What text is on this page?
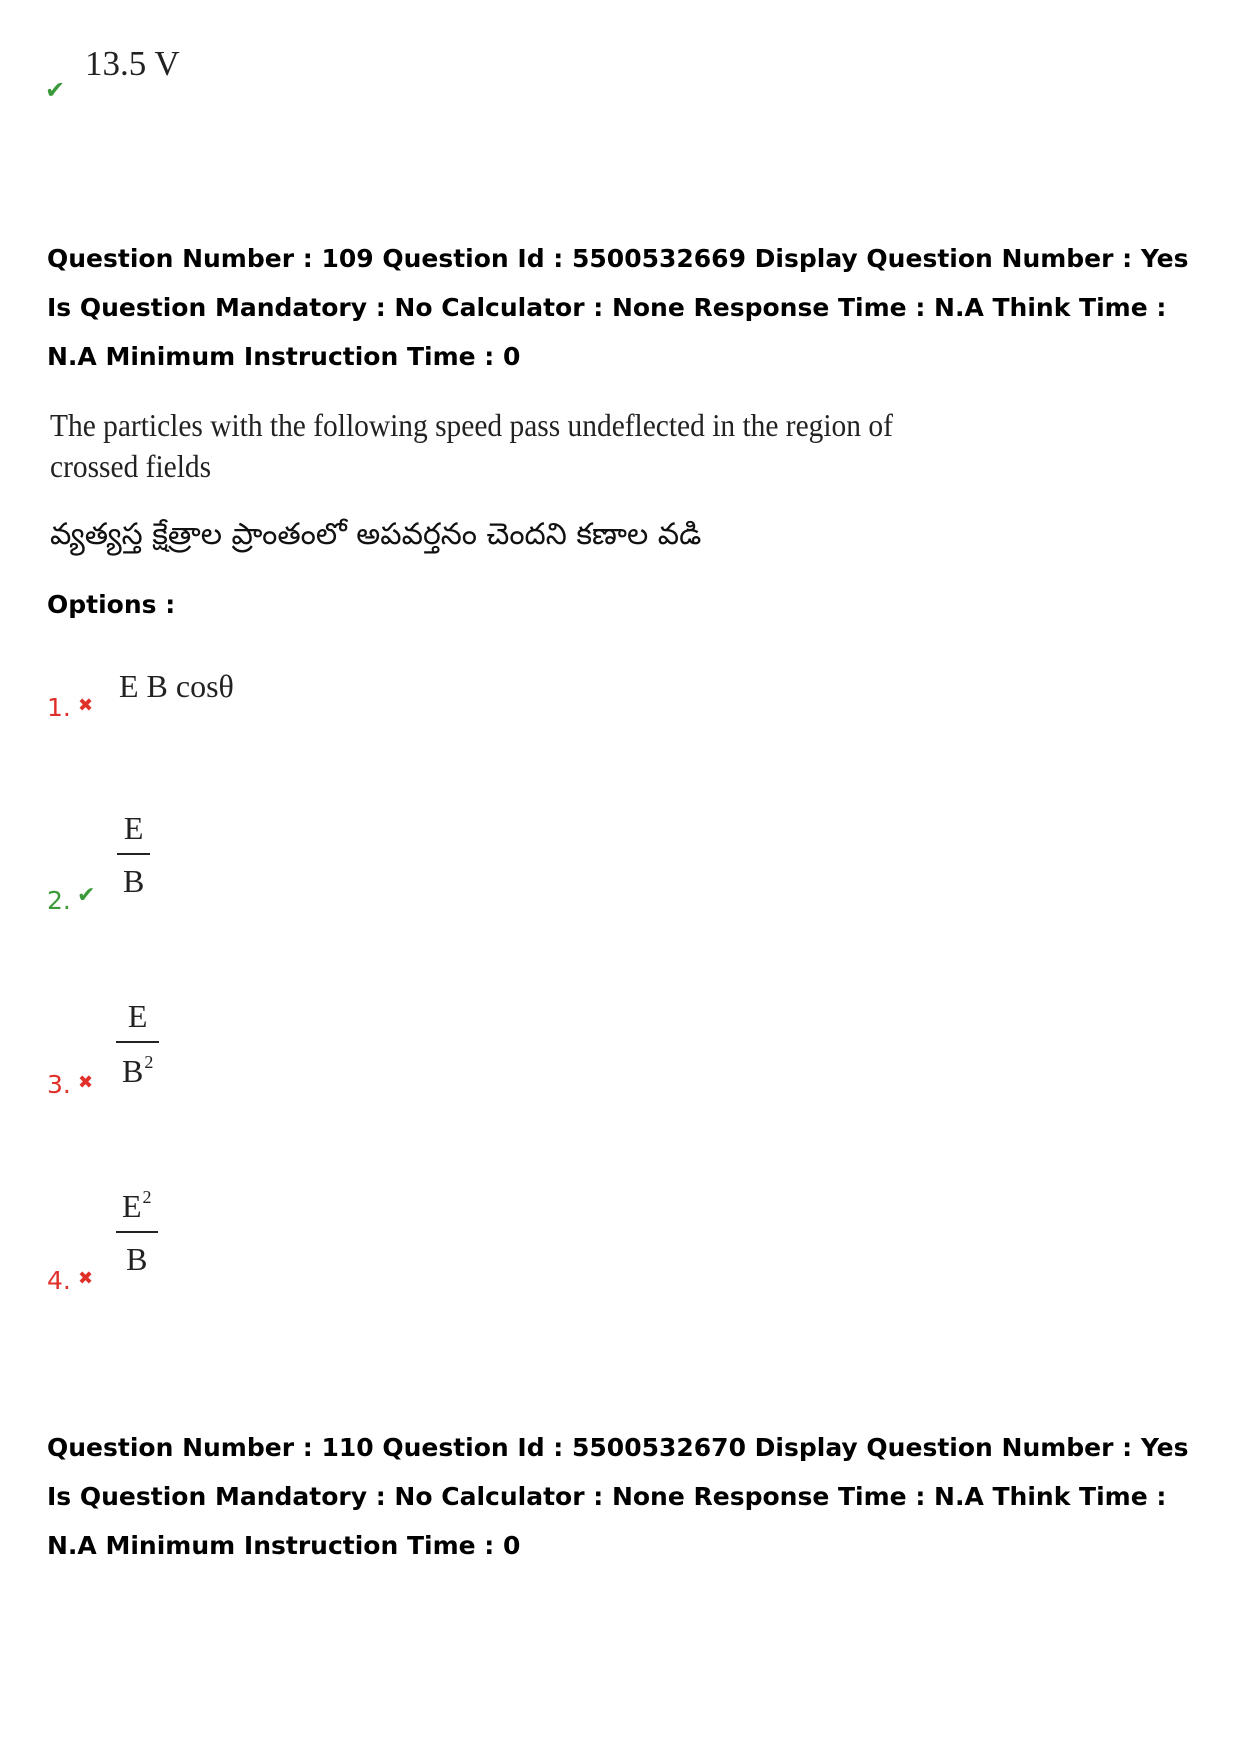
✔
13.5 V
Question Number : 109 Question Id : 5500532669 Display Question Number : Yes Is Question Mandatory : No Calculator : None Response Time : N.A Think Time : N.A Minimum Instruction Time : 0
The particles with the following speed pass undeflected in the region of crossed fields
వ్యత్యస్త క్షేత్రాల ప్రాంతంలో అపవర్తనం చెందని కణాల వడి
Options :
1. ✖
E B cosθ
2. ✔
E
B
3. ✖
E
$B^2$
4. ✖
$E^2$
B
Question Number : 110 Question Id : 5500532670 Display Question Number : Yes Is Question Mandatory : No Calculator : None Response Time : N.A Think Time : N.A Minimum Instruction Time : 0
